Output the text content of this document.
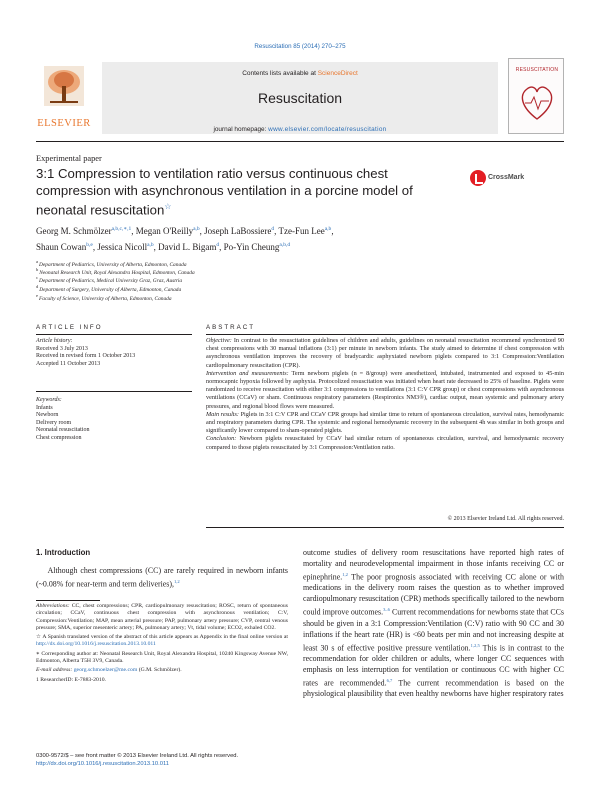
Resuscitation 85 (2014) 270–275
ELSEVIER
Contents lists available at ScienceDirect
Resuscitation
journal homepage: www.elsevier.com/locate/resuscitation
RESUSCITATION
Experimental paper
3:1 Compression to ventilation ratio versus continuous chest compression with asynchronous ventilation in a porcine model of neonatal resuscitation☆
CrossMark
Georg M. Schmölzer$^{a,b,c,∗,1}$, Megan O'Reilly$^{a,b}$, Joseph LaBossiere$^d$, Tze-Fun Lee$^{a,b}$,
Shaun Cowan$^{b,e}$, Jessica Nicoll$^{a,b}$, David L. Bigam$^d$, Po-Yin Cheung$^{a,b,d}$
$^a$Department of Pediatrics, University of Alberta, Edmonton, Canada
$^b$Neonatal Research Unit, Royal Alexandra Hospital, Edmonton, Canada
$^c$Department of Pediatrics, Medical University Graz, Graz, Austria
$^d$Department of Surgery, University of Alberta, Edmonton, Canada
$^e$Faculty of Science, University of Alberta, Edmonton, Canada
ARTICLE INFO
Article history:
Received 3 July 2013
Received in revised form 1 October 2013
Accepted 11 October 2013
Keywords:
Infants
Newborn
Delivery room
Neonatal resuscitation
Chest compression
ABSTRACT

Objective: In contrast to the resuscitation guidelines of children and adults, guidelines on neonatal resuscitation recommend synchronized 90 chest compressions with 30 manual inflations (3:1) per minute in newborn infants. The study aimed to determine if chest compression with asynchronous ventilation improves the recovery of bradycardic asphyxiated newborn piglets compared to 3:1 Compression:Ventilation cardiopulmonary resuscitation (CPR).

Intervention and measurements: Term newborn piglets (n = 8/group) were anesthetized, intubated, instrumented and exposed to 45-min normocapnic hypoxia followed by asphyxia. Protocolized resuscitation was initiated when heart rate decreased to 25% of baseline. Piglets were randomized to receive resuscitation with either 3:1 compressions to ventilations (3:1 C:V CPR group) or chest compressions with asynchronous ventilations (CCaV) or sham. Continuous respiratory parameters (Respironics NM3®), cardiac output, mean systemic and pulmonary artery pressures, and regional blood flows were measured.

Main results: Piglets in 3:1 C:V CPR and CCaV CPR groups had similar time to return of spontaneous circulation, survival rates, hemodynamic and respiratory parameters during CPR. The systemic and regional hemodynamic recovery in the subsequent 4h was similar in both groups and significantly lower compared to sham-operated piglets.

Conclusion: Newborn piglets resuscitated by CCaV had similar return of spontaneous circulation, survival, and hemodynamic recovery compared to those piglets resuscitated by 3:1 Compression:Ventilation ratio.

© 2013 Elsevier Ireland Ltd. All rights reserved.
1. Introduction
Although chest compressions (CC) are rarely required in newborn infants (~0.08% for near-term and term deliveries),$^{1,2}$
outcome studies of delivery room resuscitations have reported high rates of mortality and neurodevelopmental impairment in those infants receiving CC or epinephrine.$^{1,2}$ The poor prognosis associated with receiving CC alone or with medications in the delivery room raises the question as to whether improved cardiopulmonary resuscitation (CPR) methods specifically tailored to the newborn could improve outcomes.$^{3-6}$ Current recommendations for newborns state that CCs should be given in a 3:1 Compression:Ventilation (C:V) ratio with 90 CC and 30 inflations if the heart rate (HR) is <60 beats per min and not increasing despite at least 30 s of effective positive pressure ventilation.$^{1,2,5}$ This is in contrast to the recommendation for older children or adults, where longer CC sequences with emphasis on less interruption for ventilation or continuous CC with higher CC rates are recommended.$^{6,7}$ The current recommendation is based on the physiological plausibility that even healthy newborns have higher respiratory rates

Abbreviations: CC, chest compressions; CPR, cardiopulmonary resuscitation; ROSC, return of spontaneous circulation; CCaV, continuous chest compression with asynchronous ventilation; C:V, Compression:Ventilation; MAP, mean arterial pressure; PAP, pulmonary artery pressure; CVP, central venous pressure; SMA, superior mesenteric artery; PA, pulmonary artery; Vt, tidal volume; ECO2, exhaled CO2.

☆ A Spanish translated version of the abstract of this article appears as Appendix in the final online version at http://dx.doi.org/10.1016/j.resuscitation.2013.10.011

∗ Corresponding author at: Neonatal Research Unit, Royal Alexandra Hospital, 10240 Kingsway Avenue NW, Edmonton, Alberta T5H 3V9, Canada.

E-mail address: georg.schmoelzer@me.com (G.M. Schmölzer).

1 ResearcherID: E-7883-2010.

0300-9572/$ – see front matter © 2013 Elsevier Ireland Ltd. All rights reserved.
http://dx.doi.org/10.1016/j.resuscitation.2013.10.011
